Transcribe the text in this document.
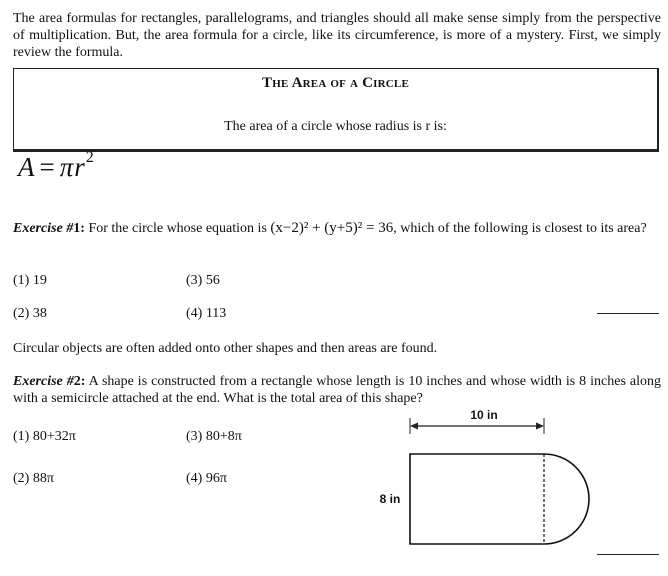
The area formulas for rectangles, parallelograms, and triangles should all make sense simply from the perspective of multiplication. But, the area formula for a circle, like its circumference, is more of a mystery. First, we simply review the formula.
The Area of a Circle
The area of a circle whose radius is r is:
$A = \pi r^2$
Exercise #1: For the circle whose equation is (x−2)² + (y+5)² = 36, which of the following is closest to its area?
(1) 19	(3) 56
(2) 38	(4) 113
Circular objects are often added onto other shapes and then areas are found.
Exercise #2: A shape is constructed from a rectangle whose length is 10 inches and whose width is 8 inches along with a semicircle attached at the end. What is the total area of this shape?
(1) 80+32π	(3) 80+8π
(2) 88π	(4) 96π
10 in
8 in
